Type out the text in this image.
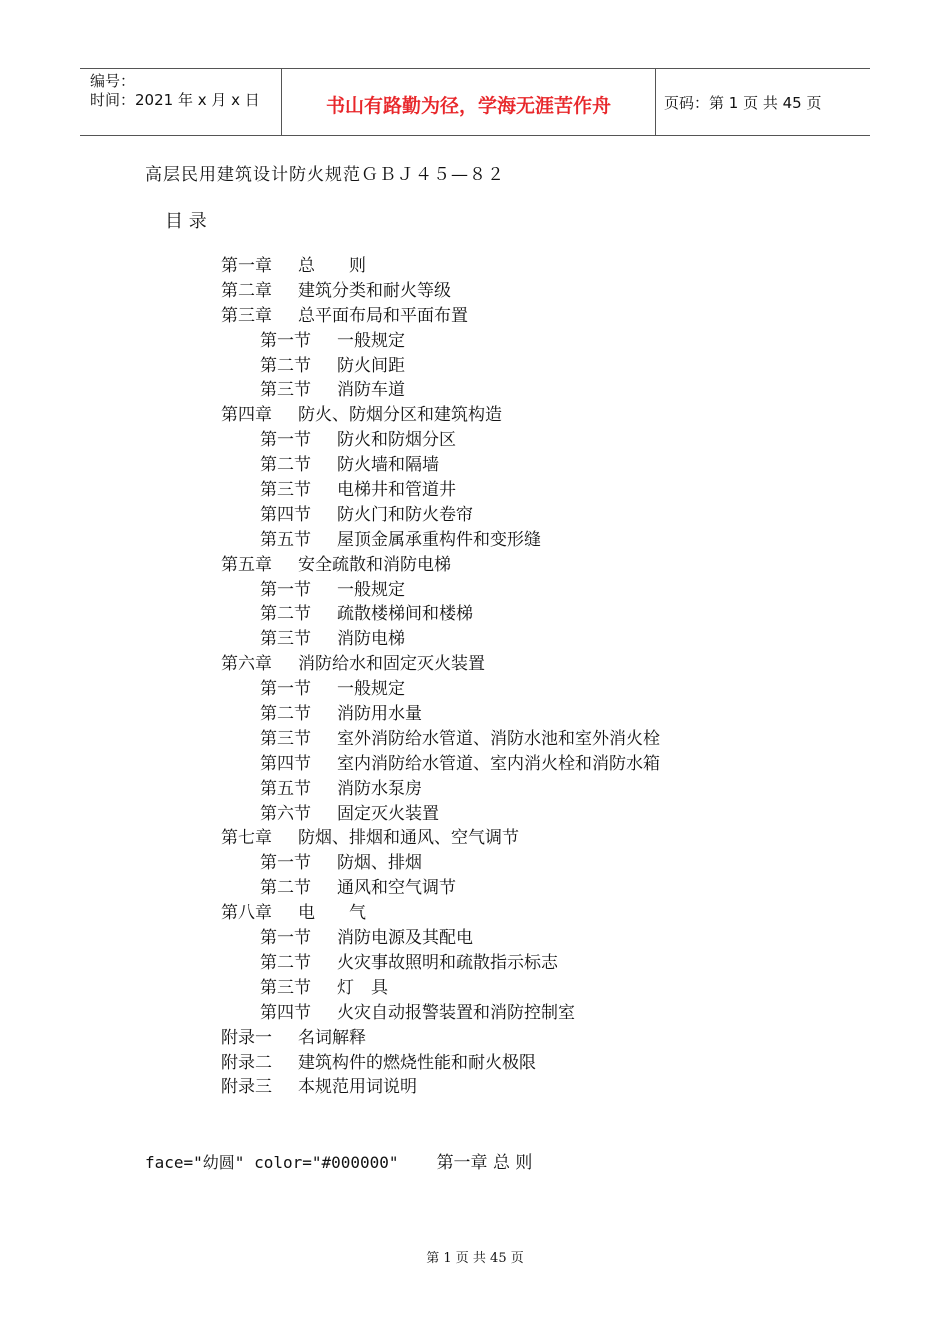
编号：
时间：2021 年 x 月 x 日	书山有路勤为径，学海无涯苦作舟	页码：第 1 页 共 45 页
高层民用建筑设计防火规范ＧＢＪ４５—８２
目 录
第一章	总　　则
第二章	建筑分类和耐火等级
第三章	总平面布局和平面布置
第一节	一般规定
第二节	防火间距
第三节	消防车道
第四章	防火、防烟分区和建筑构造
第一节	防火和防烟分区
第二节	防火墙和隔墙
第三节	电梯井和管道井
第四节	防火门和防火卷帘
第五节	屋顶金属承重构件和变形缝
第五章	安全疏散和消防电梯
第一节	一般规定
第二节	疏散楼梯间和楼梯
第三节	消防电梯
第六章	消防给水和固定灭火装置
第一节	一般规定
第二节	消防用水量
第三节	室外消防给水管道、消防水池和室外消火栓
第四节	室内消防给水管道、室内消火栓和消防水箱
第五节	消防水泵房
第六节	固定灭火装置
第七章	防烟、排烟和通风、空气调节
第一节	防烟、排烟
第二节	通风和空气调节
第八章	电　　气
第一节	消防电源及其配电
第二节	火灾事故照明和疏散指示标志
第三节	灯　具
第四节	火灾自动报警装置和消防控制室
附录一	名词解释
附录二	建筑构件的燃烧性能和耐火极限
附录三	本规范用词说明
face="幼圆" color="#000000" 第一章 总 则
第 1 页 共 45 页
